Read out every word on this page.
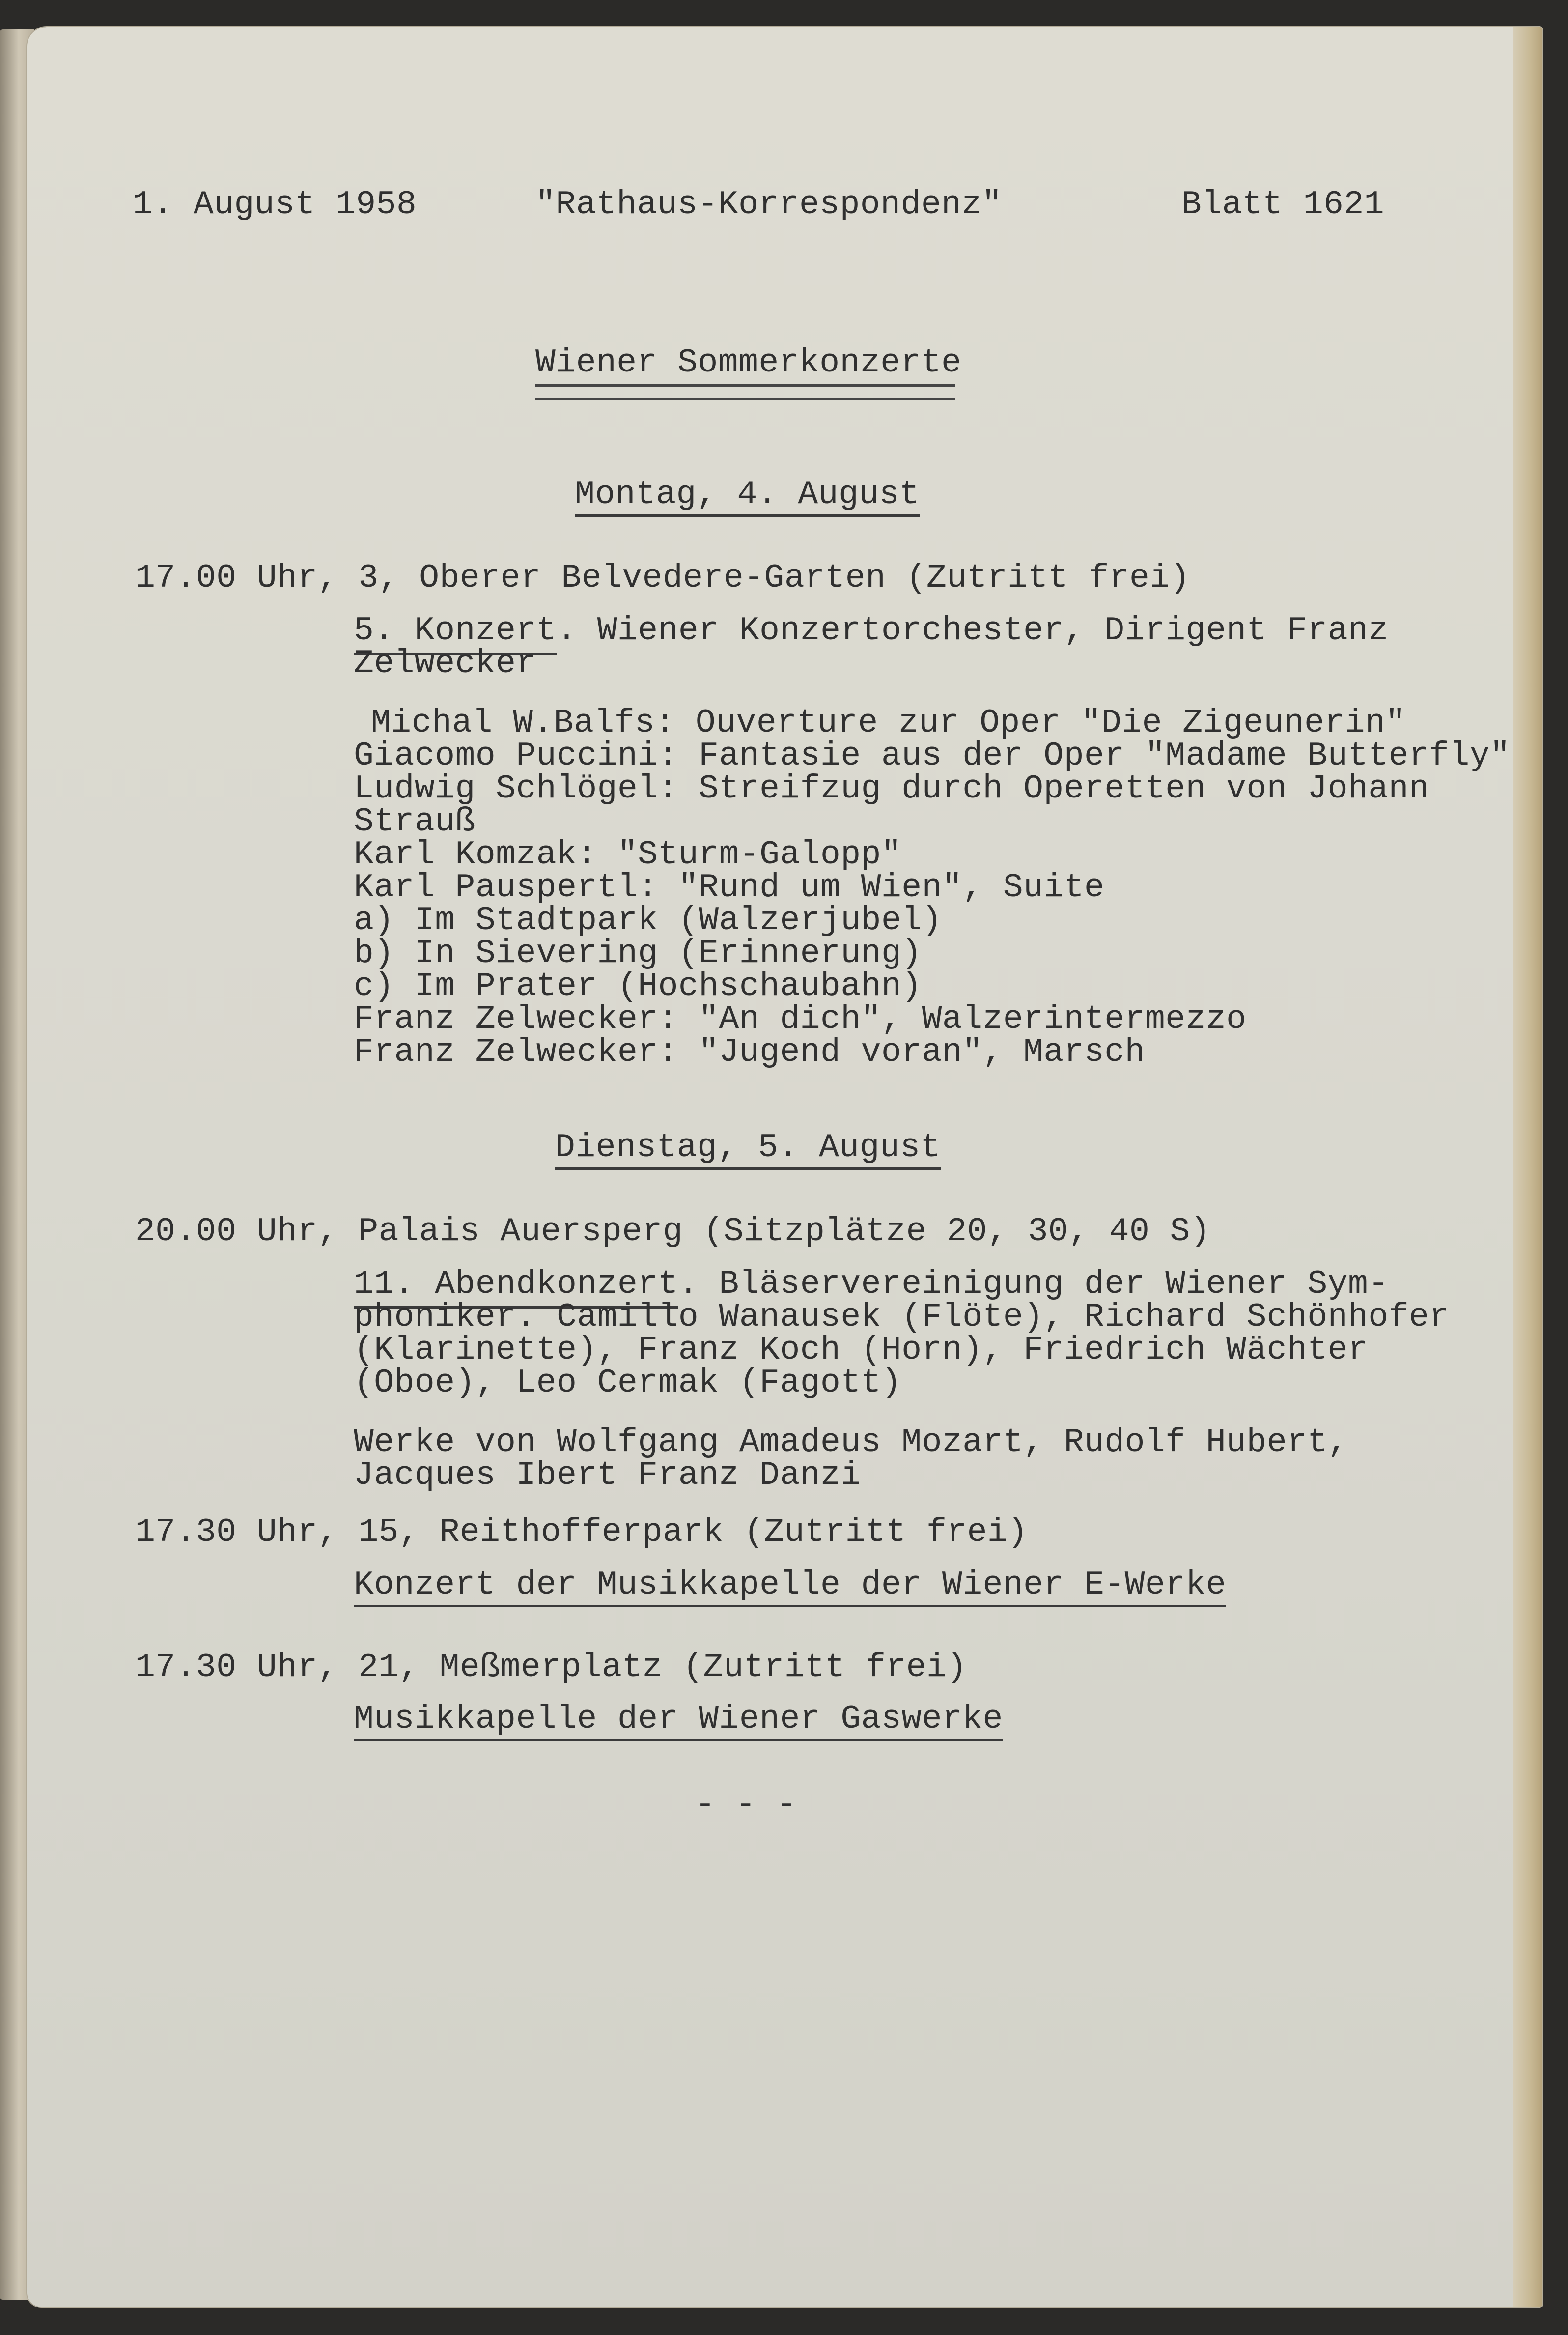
1. August 1958	"Rathaus-Korrespondenz"	Blatt 1621
Wiener Sommerkonzerte
Montag, 4. August
17.00 Uhr, 3, Oberer Belvedere-Garten (Zutritt frei)
5. Konzert. Wiener Konzertorchester, Dirigent Franz
Zelwecker
Michal W.Balfs: Ouverture zur Oper "Die Zigeunerin"
Giacomo Puccini: Fantasie aus der Oper "Madame Butterfly"
Ludwig Schlögel: Streifzug durch Operetten von Johann
Strauß
Karl Komzak: "Sturm-Galopp"
Karl Pauspertl: "Rund um Wien", Suite
a) Im Stadtpark (Walzerjubel)
b) In Sievering (Erinnerung)
c) Im Prater (Hochschaubahn)
Franz Zelwecker: "An dich", Walzerintermezzo
Franz Zelwecker: "Jugend voran", Marsch
Dienstag, 5. August
20.00 Uhr, Palais Auersperg (Sitzplätze 20, 30, 40 S)
11. Abendkonzert. Bläservereinigung der Wiener Sym-
phoniker. Camillo Wanausek (Flöte), Richard Schönhofer
(Klarinette), Franz Koch (Horn), Friedrich Wächter
(Oboe), Leo Cermak (Fagott)
Werke von Wolfgang Amadeus Mozart, Rudolf Hubert,
Jacques Ibert Franz Danzi
17.30 Uhr, 15, Reithofferpark (Zutritt frei)
Konzert der Musikkapelle der Wiener E-Werke
17.30 Uhr, 21, Meßmerplatz (Zutritt frei)
Musikkapelle der Wiener Gaswerke
- - -
